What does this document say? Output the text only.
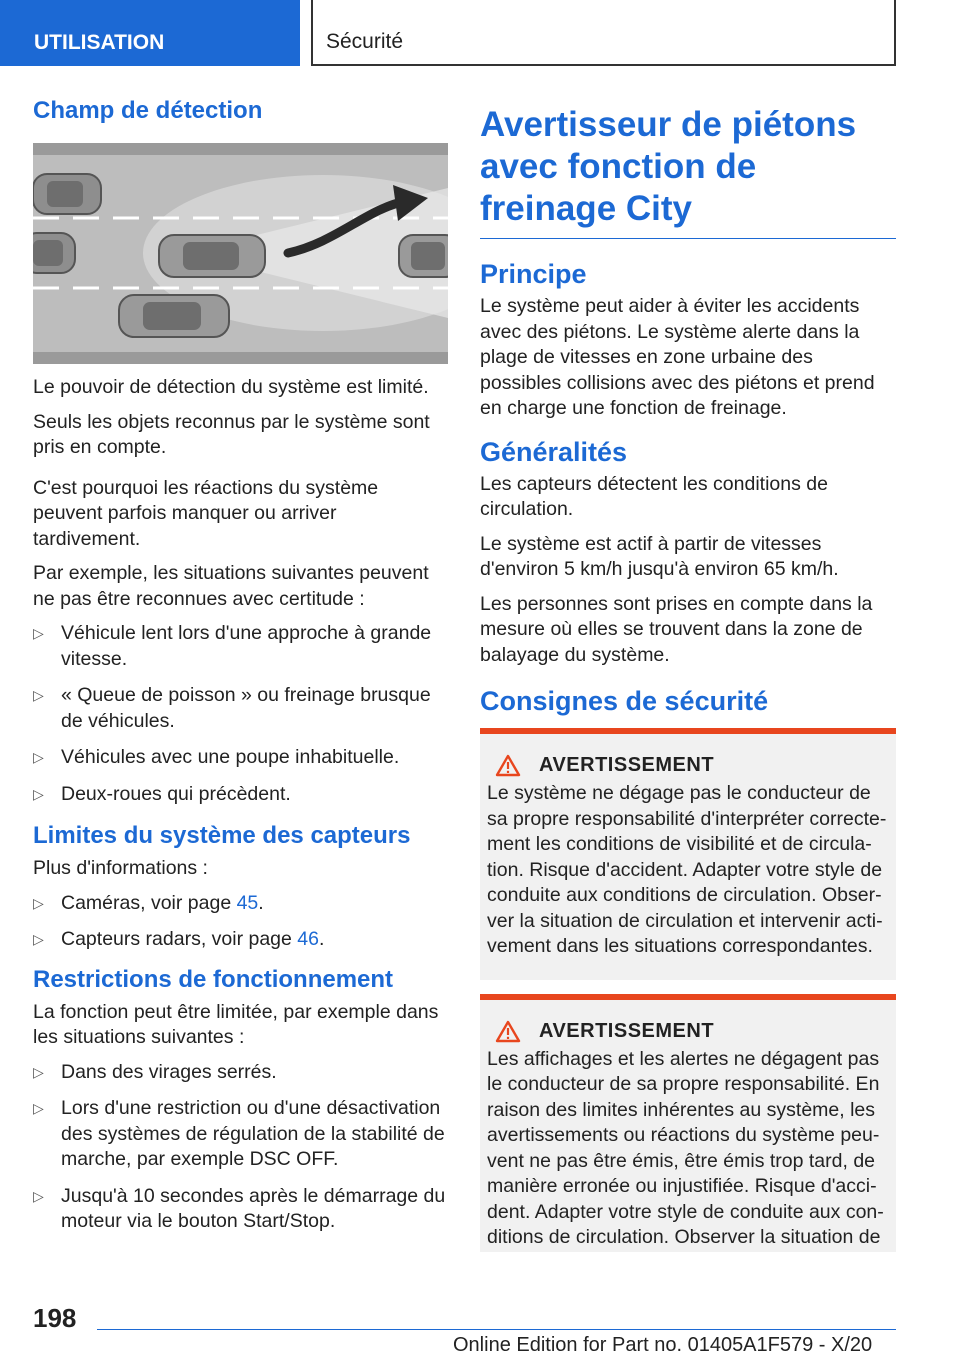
UTILISATION	Sécurité
Champ de détection

Le pouvoir de détection du système est limité.

Seuls les objets reconnus par le système sont pris en compte.

C'est pourquoi les réactions du système peuvent parfois manquer ou arriver tardivement.

Par exemple, les situations suivantes peuvent ne pas être reconnues avec certitude :

▷ Véhicule lent lors d'une approche à grande vitesse.
▷ « Queue de poisson » ou freinage brusque de véhicules.
▷ Véhicules avec une poupe inhabituelle.
▷ Deux-roues qui précèdent.
Limites du système des capteurs

Plus d'informations :

▷ Caméras, voir page 45.
▷ Capteurs radars, voir page 46.
Restrictions de fonctionnement

La fonction peut être limitée, par exemple dans les situations suivantes :

▷ Dans des virages serrés.
▷ Lors d'une restriction ou d'une désactivation des systèmes de régulation de la stabilité de marche, par exemple DSC OFF.
▷ Jusqu'à 10 secondes après le démarrage du moteur via le bouton Start/Stop.
Avertisseur de piétons avec fonction de freinage City
Principe

Le système peut aider à éviter les accidents avec des piétons. Le système alerte dans la plage de vitesses en zone urbaine des possibles collisions avec des piétons et prend en charge une fonction de freinage.

Généralités

Les capteurs détectent les conditions de circulation.

Le système est actif à partir de vitesses d'environ 5 km/h jusqu'à environ 65 km/h.

Les personnes sont prises en compte dans la mesure où elles se trouvent dans la zone de balayage du système.

Consignes de sécurité
AVERTISSEMENT

Le système ne dégage pas le conducteur de sa propre responsabilité d'interpréter correctement les conditions de visibilité et de circulation. Risque d'accident. Adapter votre style de conduite aux conditions de circulation. Observer la situation de circulation et intervenir activement dans les situations correspondantes.

AVERTISSEMENT

Les affichages et les alertes ne dégagent pas le conducteur de sa propre responsabilité. En raison des limites inhérentes au système, les avertissements ou réactions du système peuvent ne pas être émis, être émis trop tard, de manière erronée ou injustifiée. Risque d'accident. Adapter votre style de conduite aux conditions de circulation. Observer la situation de

198
Online Edition for Part no. 01405A1F579 - X/20
